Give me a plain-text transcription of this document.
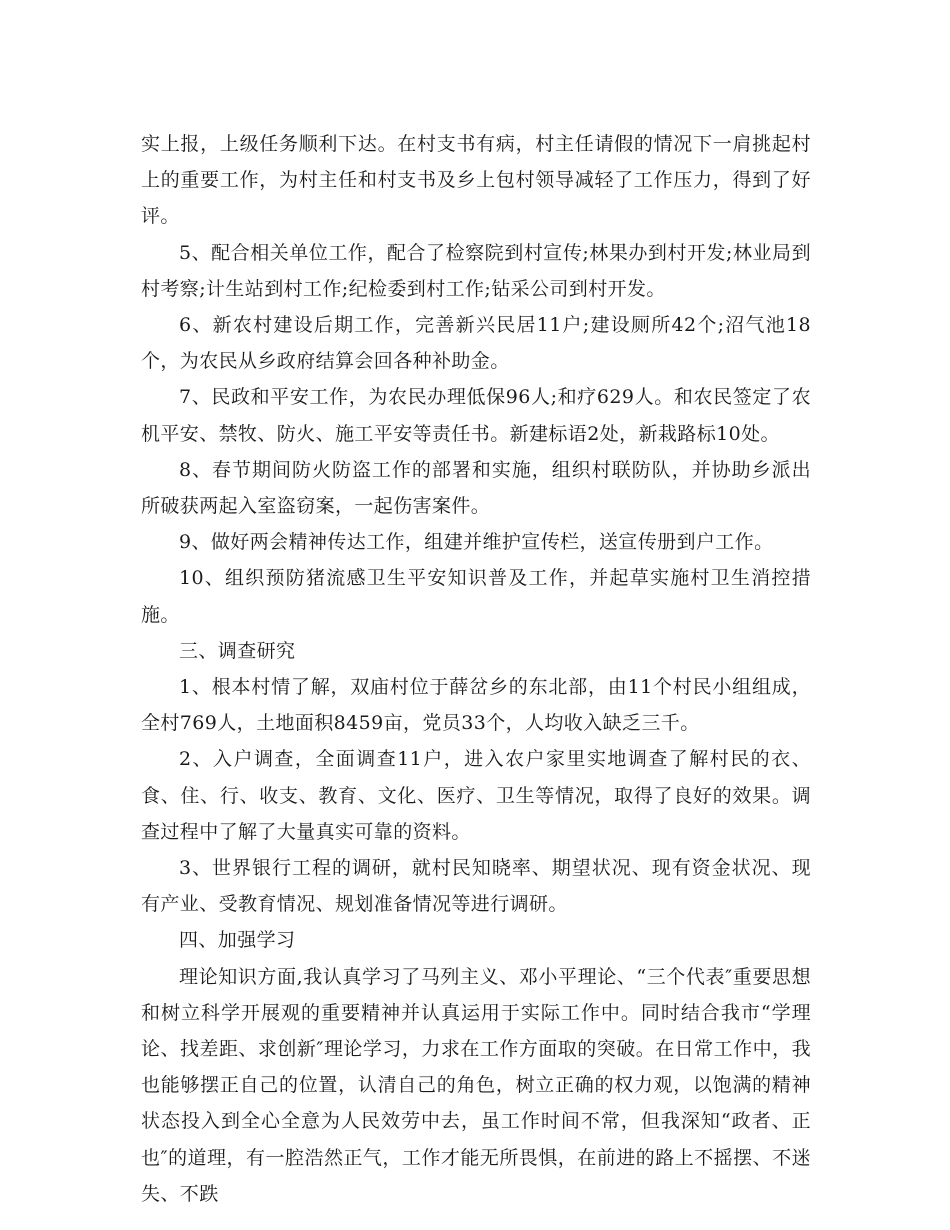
实上报，上级任务顺利下达。在村支书有病，村主任请假的情况下一肩挑起村上的重要工作，为村主任和村支书及乡上包村领导减轻了工作压力，得到了好评。

5、配合相关单位工作，配合了检察院到村宣传;林果办到村开发;林业局到村考察;计生站到村工作;纪检委到村工作;钻采公司到村开发。

6、新农村建设后期工作，完善新兴民居11户;建设厕所42个;沼气池18个，为农民从乡政府结算会回各种补助金。

7、民政和平安工作，为农民办理低保96人;和疗629人。和农民签定了农机平安、禁牧、防火、施工平安等责任书。新建标语2处，新栽路标10处。

8、春节期间防火防盗工作的部署和实施，组织村联防队，并协助乡派出所破获两起入室盗窃案，一起伤害案件。

9、做好两会精神传达工作，组建并维护宣传栏，送宣传册到户工作。

10、组织预防猪流感卫生平安知识普及工作，并起草实施村卫生消控措施。

三、调查研究

1、根本村情了解，双庙村位于薛岔乡的东北部，由11个村民小组组成，全村769人，土地面积8459亩，党员33个，人均收入缺乏三千。

2、入户调查，全面调查11户，进入农户家里实地调查了解村民的衣、食、住、行、收支、教育、文化、医疗、卫生等情况，取得了良好的效果。调查过程中了解了大量真实可靠的资料。

3、世界银行工程的调研，就村民知晓率、期望状况、现有资金状况、现有产业、受教育情况、规划准备情况等进行调研。

四、加强学习

理论知识方面,我认真学习了马列主义、邓小平理论、“三个代表″重要思想和树立科学开展观的重要精神并认真运用于实际工作中。同时结合我市“学理论、找差距、求创新″理论学习，力求在工作方面取的突破。在日常工作中，我也能够摆正自己的位置，认清自己的角色，树立正确的权力观，以饱满的精神状态投入到全心全意为人民效劳中去，虽工作时间不常，但我深知“政者、正也″的道理，有一腔浩然正气，工作才能无所畏惧，在前进的路上不摇摆、不迷失、不跌
